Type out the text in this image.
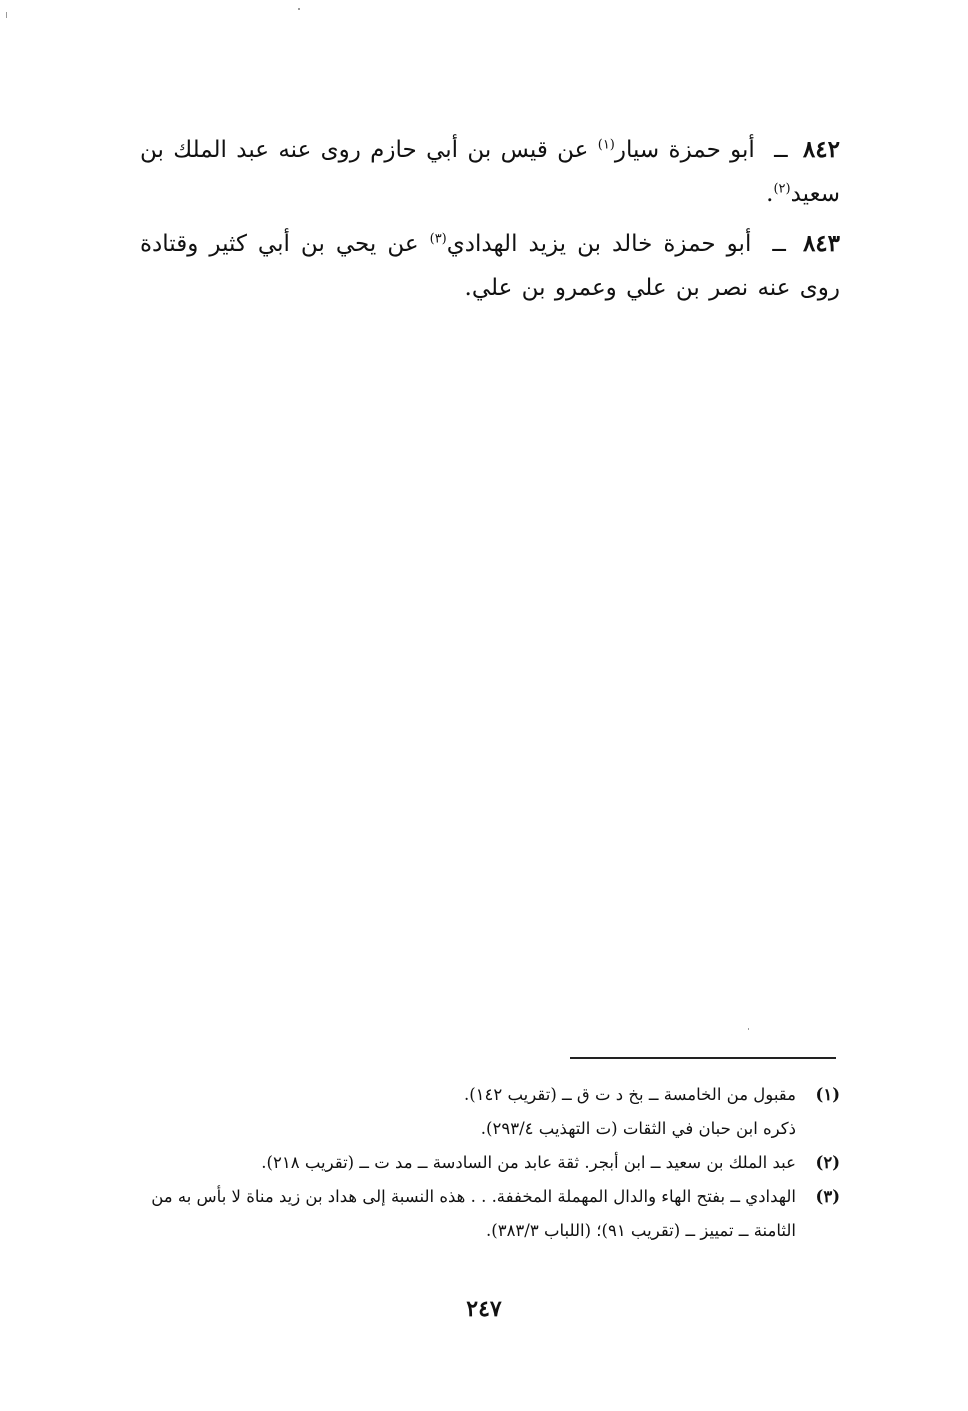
٨٤٢ ــ أبو حمزة سيار$^{(١)}$ عن قيس بن أبي حازم روى عنه عبد الملك بن سعيد$^{(٢)}$.
٨٤٣ ــ أبو حمزة خالد بن يزيد الهدادي$^{(٣)}$ عن يحي بن أبي كثير وقتادة روى عنه نصر بن علي وعمرو بن علي.
(١)

مقبول من الخامسة ــ بخ د ت ق ــ (تقريب ١٤٢).

ذكره ابن حبان في الثقات (ت التهذيب ٢٩٣/٤).

(٢)

عبد الملك بن سعيد ــ ابن أبجر. ثقة عابد من السادسة ــ مد ت ــ (تقريب ٢١٨).

(٣)

الهدادي ــ بفتح الهاء والدال المهملة المخففة. . . هذه النسبة إلى هداد بن زيد مناة لا بأس به من الثامنة ــ تمييز ــ (تقريب ٩١)؛ (اللباب ٣٨٣/٣).

٢٤٧
